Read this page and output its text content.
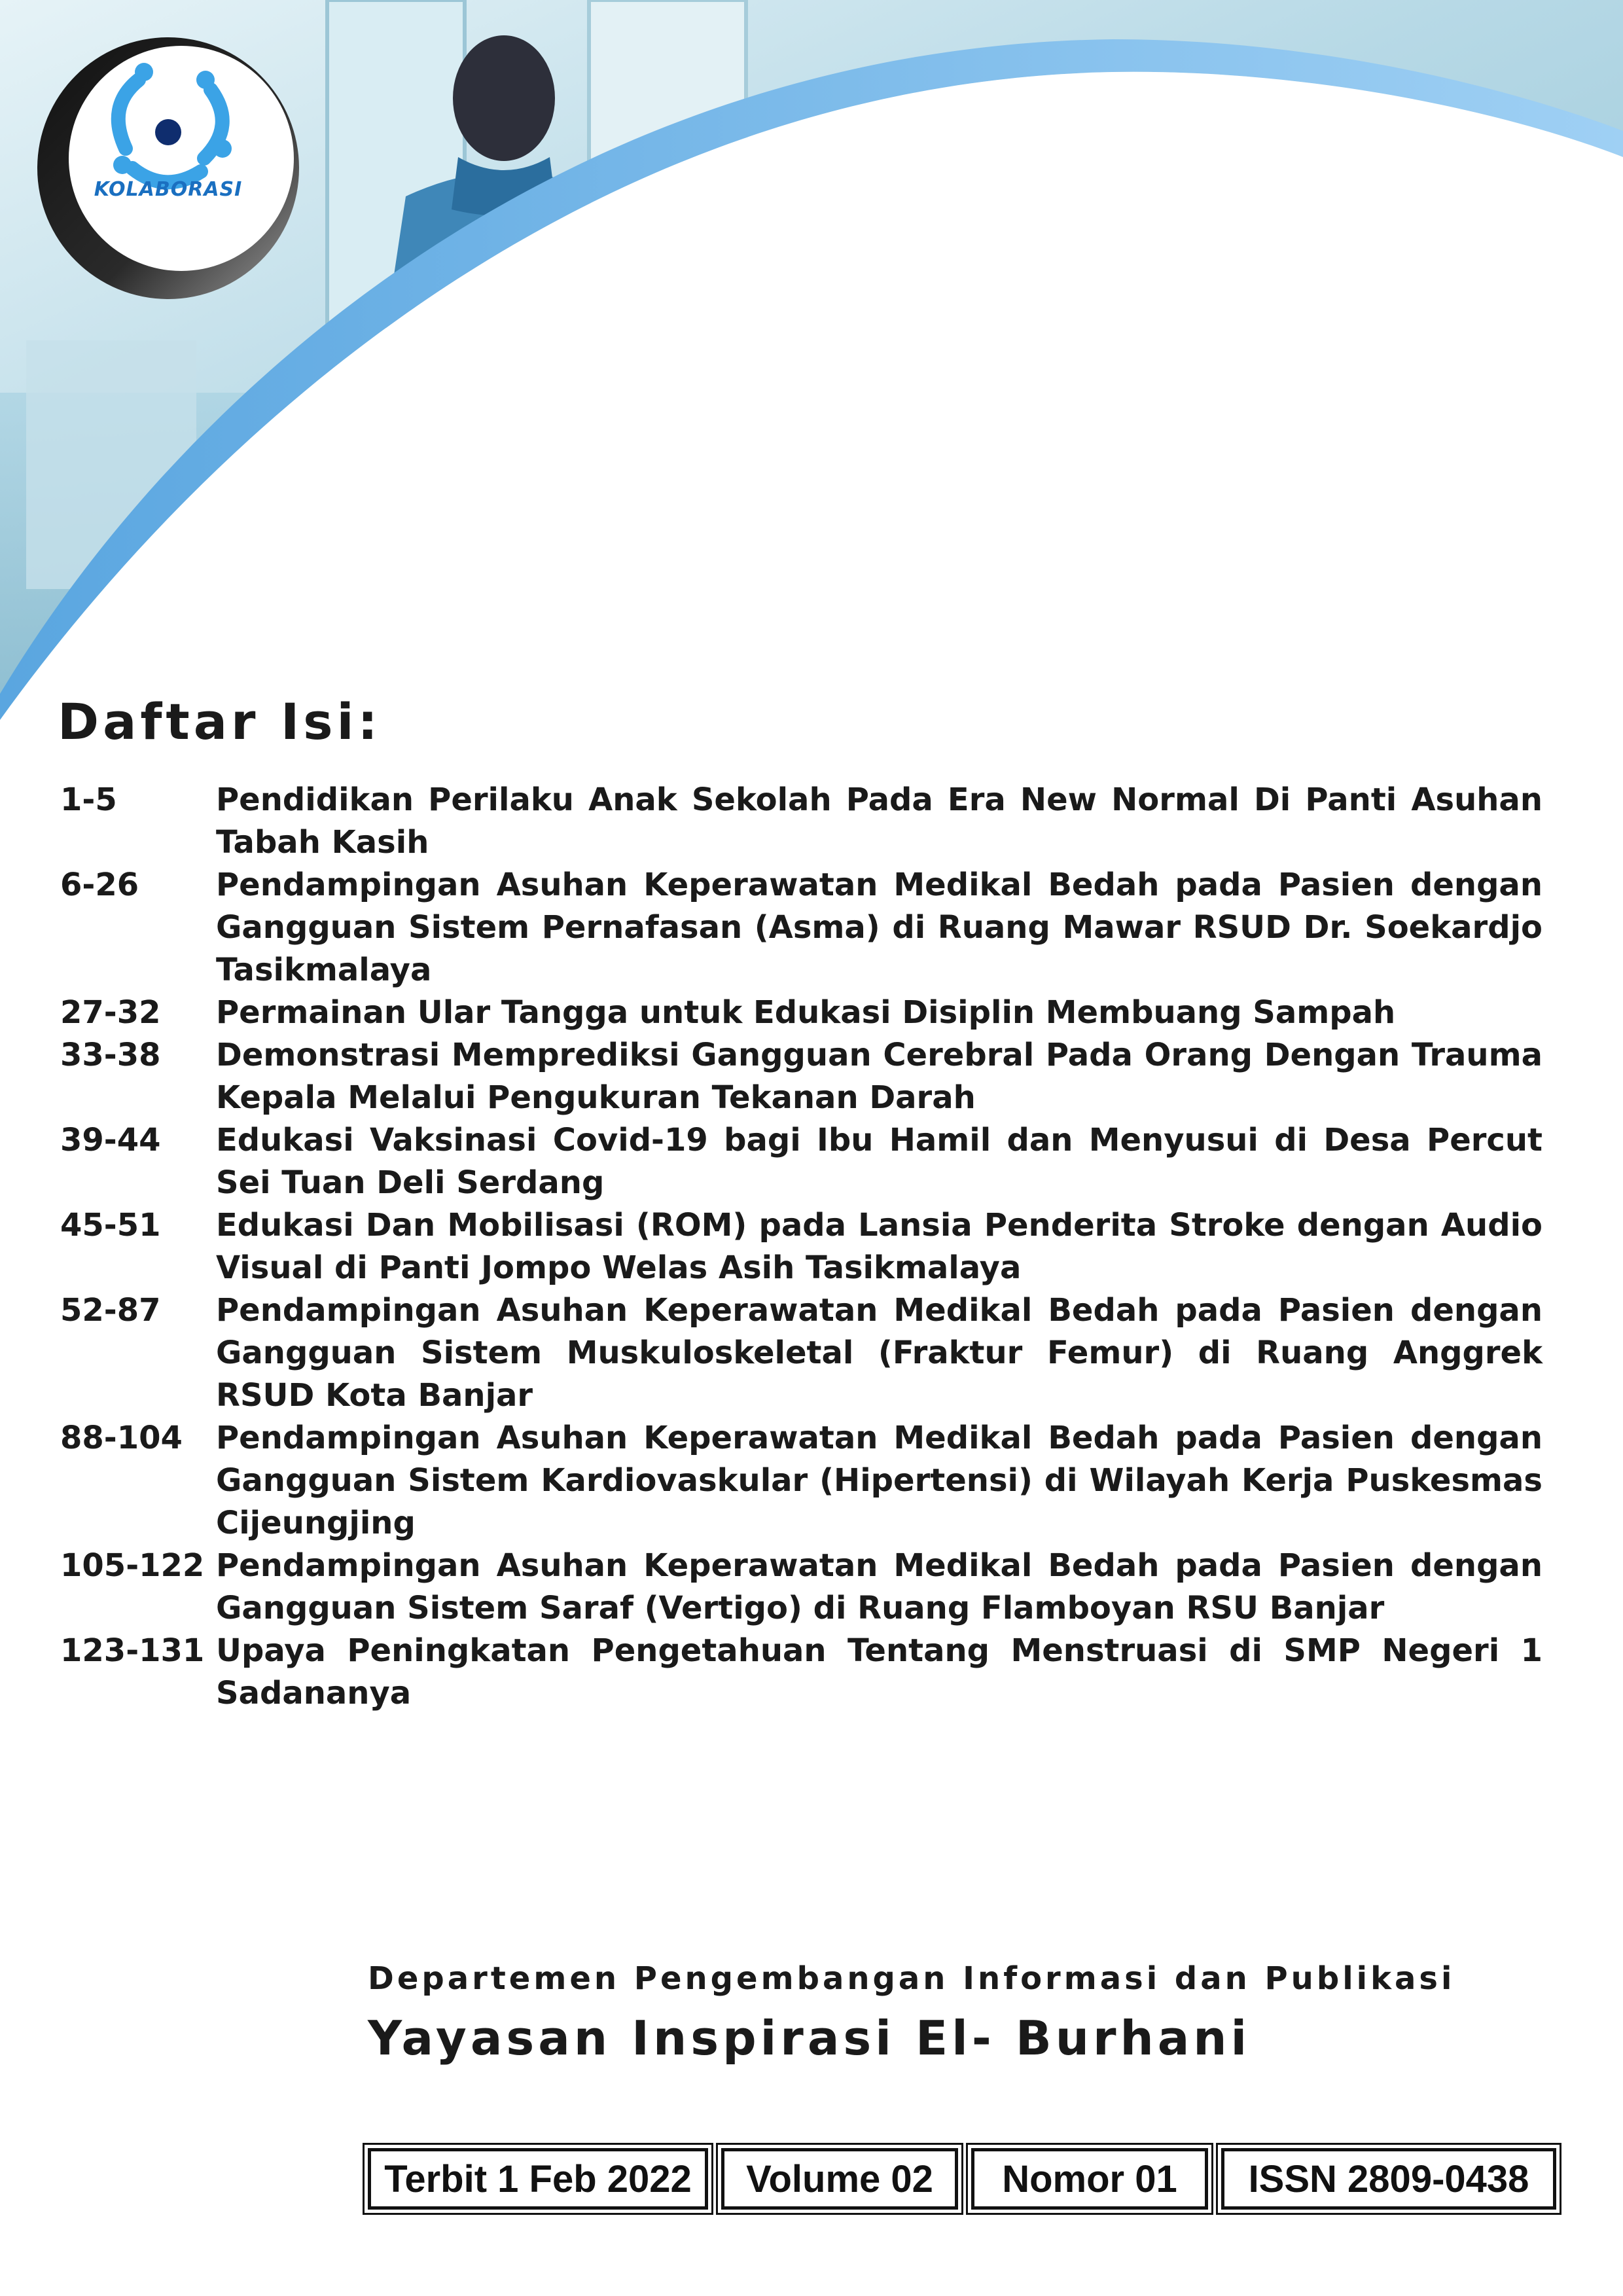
KOLABORASI
Daftar Isi:
1-5	Pendidikan Perilaku Anak Sekolah Pada Era New Normal Di Panti Asuhan Tabah Kasih
6-26	Pendampingan Asuhan Keperawatan Medikal Bedah pada Pasien dengan Gangguan Sistem Pernafasan (Asma) di Ruang Mawar RSUD Dr. Soekardjo Tasikmalaya
27-32	Permainan Ular Tangga untuk Edukasi Disiplin Membuang Sampah
33-38	Demonstrasi Memprediksi Gangguan Cerebral Pada Orang Dengan Trauma Kepala Melalui Pengukuran Tekanan Darah
39-44	Edukasi Vaksinasi Covid-19 bagi Ibu Hamil dan Menyusui di Desa Percut Sei Tuan Deli Serdang
45-51	Edukasi Dan Mobilisasi (ROM) pada Lansia Penderita Stroke dengan Audio Visual di Panti Jompo Welas Asih Tasikmalaya
52-87	Pendampingan Asuhan Keperawatan Medikal Bedah pada Pasien dengan Gangguan Sistem Muskuloskeletal (Fraktur Femur) di Ruang Anggrek RSUD Kota Banjar
88-104	Pendampingan Asuhan Keperawatan Medikal Bedah pada Pasien dengan Gangguan Sistem Kardiovaskular (Hipertensi) di Wilayah Kerja Puskesmas Cijeungjing
105-122 Pendampingan Asuhan Keperawatan Medikal Bedah pada Pasien dengan Gangguan Sistem Saraf (Vertigo) di Ruang Flamboyan RSU Banjar
123-131 Upaya Peningkatan Pengetahuan Tentang Menstruasi di SMP Negeri 1 Sadananya
Departemen Pengembangan Informasi dan Publikasi
Yayasan Inspirasi El- Burhani
Terbit 1 Feb 2022	Volume 02	Nomor 01	ISSN 2809-0438
